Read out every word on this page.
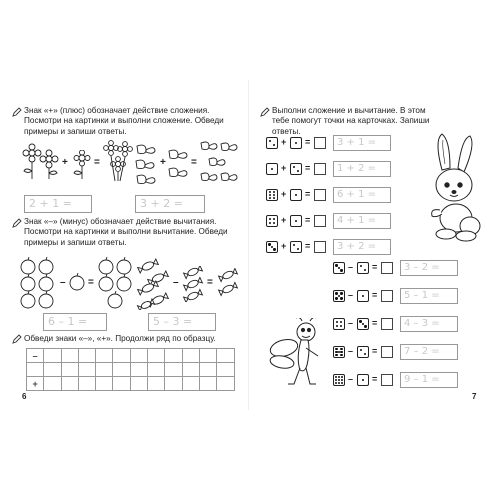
Знак «+» (плюс) обозначает действие сложения. Посмотри на картинки и выполни сложение. Обведи примеры и запиши ответы.
+	=	+	=
2 + 1 =	3 + 2 =
Знак «–» (минус) обозначает действие вычитания. Посмотри на картинки и выполни вычитание. Обведи примеры и запиши ответы.
– =	–	=
6 – 1 =	5 – 3 =
Обведи знаки «–», «+». Продолжи ряд по образцу.
–											

+											
6
Выполни сложение и вычитание. В этом тебе помогут точки на карточках. Запиши ответы.
+ =	3 + 1 =
+ =	1 + 2 =
+ =	6 + 1 =
+ =	4 + 1 =
+ =	3 + 2 =
– =	3 – 2 =
– =	5 – 1 =
– =	4 – 3 =
– =	7 – 2 =
– =	9 – 1 =
7
